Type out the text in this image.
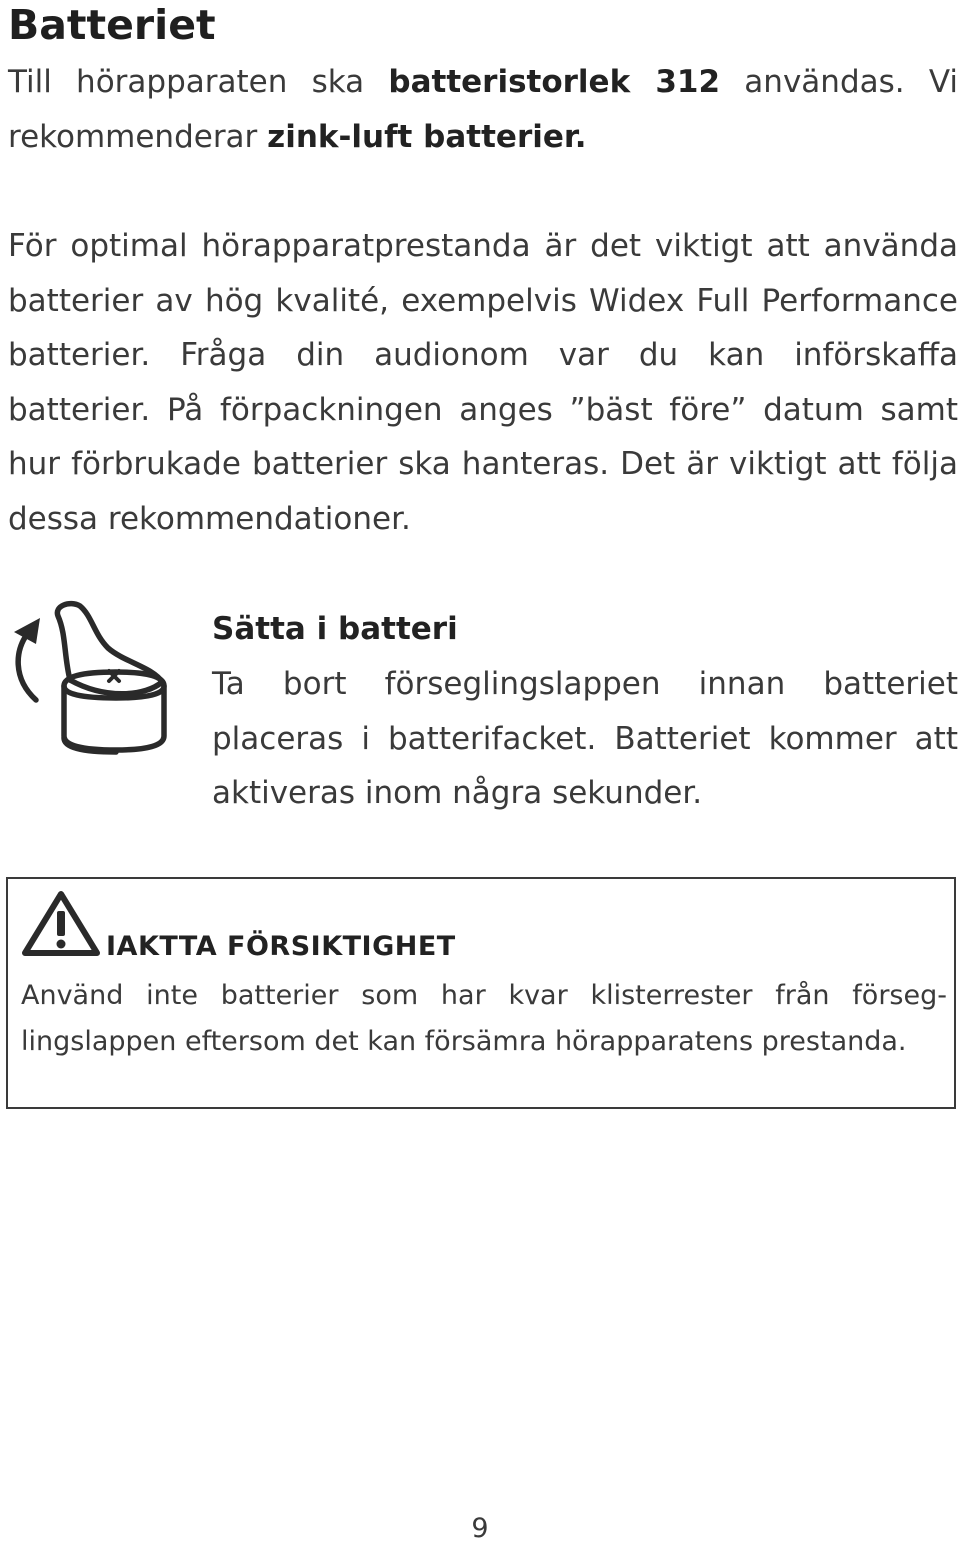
Batteriet

Till hörapparaten ska batteristorlek 312 användas. Vi rekommenderar zink-luft batterier.

För optimal hörapparatprestanda är det viktigt att använda batterier av hög kvalité, exempelvis Widex Full Performance batterier. Fråga din audionom var du kan införskaffa batterier. På förpackningen anges ”bäst före” datum samt hur förbrukade batterier ska hanteras. Det är viktigt att följa dessa rekommendationer.

Sätta i batteri

Ta bort förseglingslappen innan batteriet placeras i batterifacket. Batteriet kommer att aktiveras inom några sekunder.

IAKTTA FÖRSIKTIGHET

Använd inte batterier som har kvar klisterrester från förseglingslappen eftersom det kan försämra hörapparatens prestanda.

9
